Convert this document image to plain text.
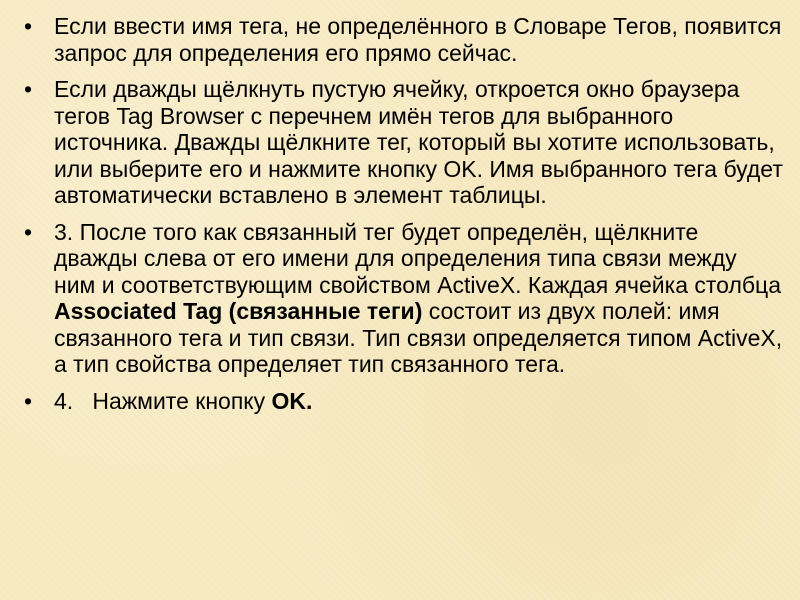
• Если ввести имя тега, не определённого в Словаре Тегов, появится запрос для определения его прямо сейчас.
• Если дважды щёлкнуть пустую ячейку, откроется окно браузера тегов Tag Browser с перечнем имён тегов для выбранного источника. Дважды щёлкните тег, который вы хотите использовать, или выберите его и нажмите кнопку OK. Имя выбранного тега будет автоматически вставлено в элемент таблицы.
• 3. После того как связанный тег будет определён, щёлкните дважды слева от его имени для определения типа связи между ним и соответствующим свойством ActiveX. Каждая ячейка столбца Associated Tag (связанные теги) состоит из двух полей: имя связанного тега и тип связи. Тип связи определяется типом ActiveX, а тип свойства определяет тип связанного тега.
• 4.   Нажмите кнопку OK.
